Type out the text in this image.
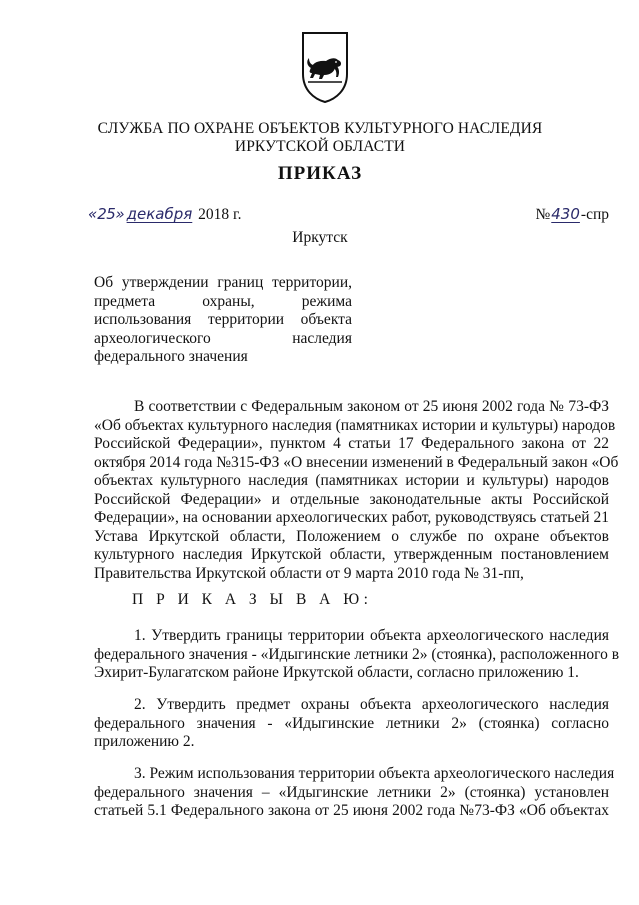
СЛУЖБА ПО ОХРАНЕ ОБЪЕКТОВ КУЛЬТУРНОГО НАСЛЕДИЯ
ИРКУТСКОЙ ОБЛАСТИ
ПРИКАЗ
«25» декабря 2018 г.	№430-спр
Иркутск
Об утверждении границ территории,
предмета охраны, режима
использования территории объекта
археологического наследия
федерального значения
В соответствии с Федеральным законом от 25 июня 2002 года № 73-ФЗ
«Об объектах культурного наследия (памятниках истории и культуры) народов
Российской Федерации», пунктом 4 статьи 17 Федерального закона от 22
октября 2014 года №315-ФЗ «О внесении изменений в Федеральный закон «Об
объектах культурного наследия (памятниках истории и культуры) народов
Российской Федерации» и отдельные законодательные акты Российской
Федерации», на основании археологических работ, руководствуясь статьей 21
Устава Иркутской области, Положением о службе по охране объектов
культурного наследия Иркутской области, утвержденным постановлением
Правительства Иркутской области от 9 марта 2010 года № 31-пп,
П Р И К А З Ы В А Ю:
1. Утвердить границы территории объекта археологического наследия
федерального значения - «Идыгинские летники 2» (стоянка), расположенного в
Эхирит-Булагатском районе Иркутской области, согласно приложению 1.
2. Утвердить предмет охраны объекта археологического наследия
федерального значения - «Идыгинские летники 2» (стоянка) согласно
приложению 2.
3. Режим использования территории объекта археологического наследия
федерального значения – «Идыгинские летники 2» (стоянка) установлен
статьей 5.1 Федерального закона от 25 июня 2002 года №73-ФЗ «Об объектах
